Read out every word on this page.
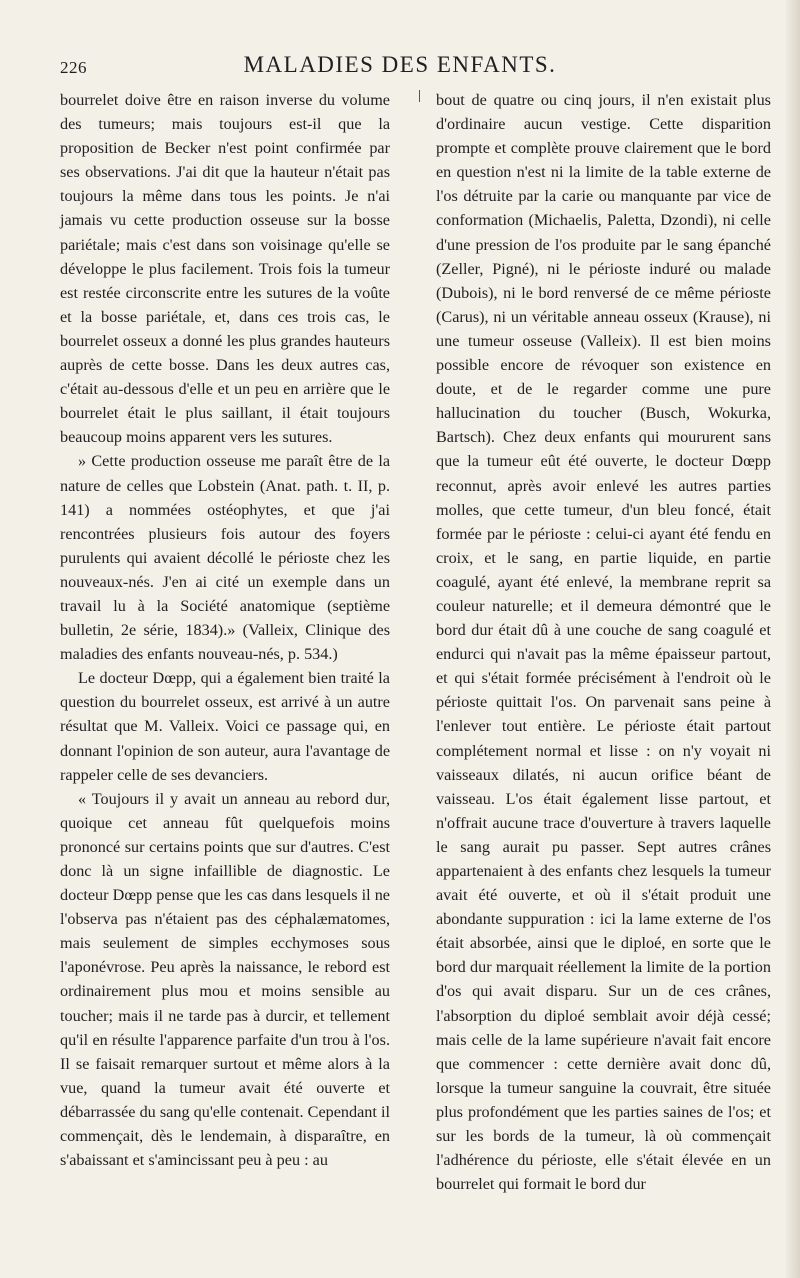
226	MALADIES DES ENFANTS.

bourrelet doive être en raison inverse du volume des tumeurs; mais toujours est-il que la proposition de Becker n'est point confirmée par ses observations. J'ai dit que la hauteur n'était pas toujours la même dans tous les points. Je n'ai jamais vu cette production osseuse sur la bosse pariétale; mais c'est dans son voisinage qu'elle se développe le plus facilement. Trois fois la tumeur est restée circonscrite entre les sutures de la voûte et la bosse pariétale, et, dans ces trois cas, le bourrelet osseux a donné les plus grandes hauteurs auprès de cette bosse. Dans les deux autres cas, c'était au-dessous d'elle et un peu en arrière que le bourrelet était le plus saillant, il était toujours beaucoup moins apparent vers les sutures.

» Cette production osseuse me paraît être de la nature de celles que Lobstein (Anat. path. t. II, p. 141) a nommées ostéophytes, et que j'ai rencontrées plusieurs fois autour des foyers purulents qui avaient décollé le périoste chez les nouveaux-nés. J'en ai cité un exemple dans un travail lu à la Société anatomique (septième bulletin, 2e série, 1834).» (Valleix, Clinique des maladies des enfants nouveau-nés, p. 534.)

Le docteur Dœpp, qui a également bien traité la question du bourrelet osseux, est arrivé à un autre résultat que M. Valleix. Voici ce passage qui, en donnant l'opinion de son auteur, aura l'avantage de rappeler celle de ses devanciers.

« Toujours il y avait un anneau au rebord dur, quoique cet anneau fût quelquefois moins prononcé sur certains points que sur d'autres. C'est donc là un signe infaillible de diagnostic. Le docteur Dœpp pense que les cas dans lesquels il ne l'observa pas n'étaient pas des céphalæmatomes, mais seulement de simples ecchymoses sous l'aponévrose. Peu après la naissance, le rebord est ordinairement plus mou et moins sensible au toucher; mais il ne tarde pas à durcir, et tellement qu'il en résulte l'apparence parfaite d'un trou à l'os. Il se faisait remarquer surtout et même alors à la vue, quand la tumeur avait été ouverte et débarrassée du sang qu'elle contenait. Cependant il commençait, dès le lendemain, à disparaître, en s'abaissant et s'amincissant peu à peu : au

bout de quatre ou cinq jours, il n'en existait plus d'ordinaire aucun vestige. Cette disparition prompte et complète prouve clairement que le bord en question n'est ni la limite de la table externe de l'os détruite par la carie ou manquante par vice de conformation (Michaelis, Paletta, Dzondi), ni celle d'une pression de l'os produite par le sang épanché (Zeller, Pigné), ni le périoste induré ou malade (Dubois), ni le bord renversé de ce même périoste (Carus), ni un véritable anneau osseux (Krause), ni une tumeur osseuse (Valleix). Il est bien moins possible encore de révoquer son existence en doute, et de le regarder comme une pure hallucination du toucher (Busch, Wokurka, Bartsch). Chez deux enfants qui moururent sans que la tumeur eût été ouverte, le docteur Dœpp reconnut, après avoir enlevé les autres parties molles, que cette tumeur, d'un bleu foncé, était formée par le périoste : celui-ci ayant été fendu en croix, et le sang, en partie liquide, en partie coagulé, ayant été enlevé, la membrane reprit sa couleur naturelle; et il demeura démontré que le bord dur était dû à une couche de sang coagulé et endurci qui n'avait pas la même épaisseur partout, et qui s'était formée précisément à l'endroit où le périoste quittait l'os. On parvenait sans peine à l'enlever tout entière. Le périoste était partout complétement normal et lisse : on n'y voyait ni vaisseaux dilatés, ni aucun orifice béant de vaisseau. L'os était également lisse partout, et n'offrait aucune trace d'ouverture à travers laquelle le sang aurait pu passer. Sept autres crânes appartenaient à des enfants chez lesquels la tumeur avait été ouverte, et où il s'était produit une abondante suppuration : ici la lame externe de l'os était absorbée, ainsi que le diploé, en sorte que le bord dur marquait réellement la limite de la portion d'os qui avait disparu. Sur un de ces crânes, l'absorption du diploé semblait avoir déjà cessé; mais celle de la lame supérieure n'avait fait encore que commencer : cette dernière avait donc dû, lorsque la tumeur sanguine la couvrait, être située plus profondément que les parties saines de l'os; et sur les bords de la tumeur, là où commençait l'adhérence du périoste, elle s'était élevée en un bourrelet qui formait le bord dur
